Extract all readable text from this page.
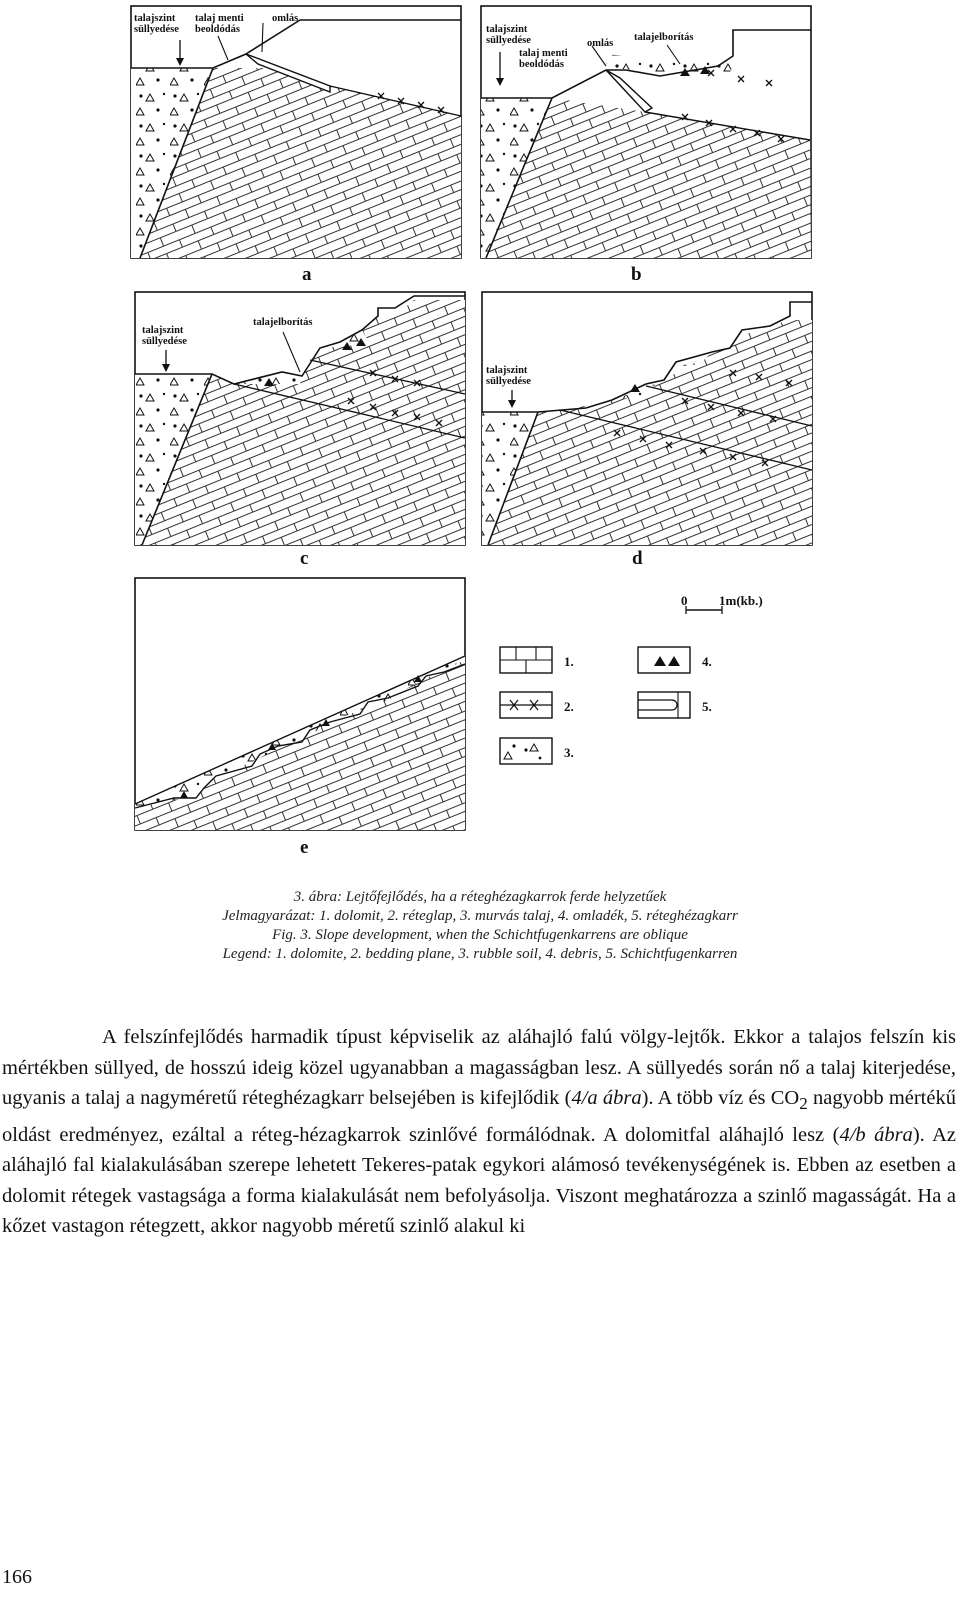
talajszint
süllyedése
talaj menti
beoldódás
omlás
a
talajszint
süllyedése
talaj menti
beoldódás
omlás
talajelborítás
b
talajszint
süllyedése
talajelborítás
c
talajszint
süllyedése
d
e
0 1m(kb.)
1.
2.
3.
4.
5.
3. ábra: Lejtőfejlődés, ha a réteghézagkarrok ferde helyzetűek
Jelmagyarázat: 1. dolomit, 2. réteglap, 3. murvás talaj, 4. omladék, 5. réteghézagkarr
Fig. 3. Slope development, when the Schichtfugenkarrens are oblique
Legend: 1. dolomite, 2. bedding plane, 3. rubble soil, 4. debris, 5. Schichtfugenkarren

A felszínfejlődés harmadik típust képviselik az aláhajló falú völgy-lejtők. Ekkor a talajos felszín kis mértékben süllyed, de hosszú ideig közel ugyanabban a magasságban lesz. A süllyedés során nő a talaj kiterjedése, ugyanis a talaj a nagyméretű réteghézagkarr belsejében is kifejlődik (4/a ábra). A több víz és $CO_2$ nagyobb mértékű oldást eredményez, ezáltal a réteg-hézagkarrok szinlővé formálódnak. A dolomitfal aláhajló lesz (4/b ábra). Az aláhajló fal kialakulásában szerepe lehetett Tekeres-patak egykori alámosó tevékenységének is. Ebben az esetben a dolomit rétegek vastagsága a forma kialakulását nem befolyásolja. Viszont meghatározza a szinlő magasságát. Ha a kőzet vastagon rétegzett, akkor nagyobb méretű szinlő alakul ki

166
